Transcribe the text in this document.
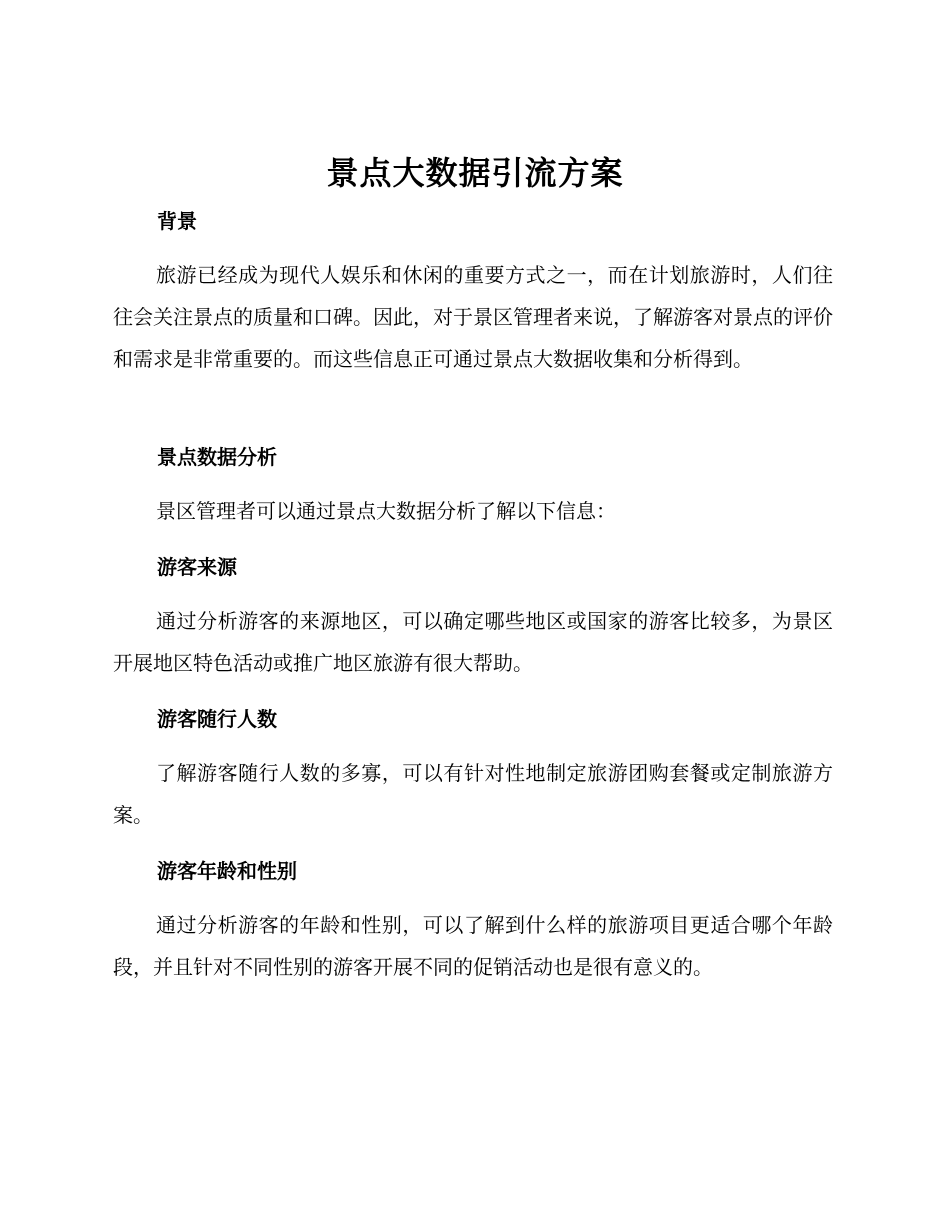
景点大数据引流方案
背景

旅游已经成为现代人娱乐和休闲的重要方式之一，而在计划旅游时，人们往往会关注景点的质量和口碑。因此，对于景区管理者来说，了解游客对景点的评价和需求是非常重要的。而这些信息正可通过景点大数据收集和分析得到。

景点数据分析

景区管理者可以通过景点大数据分析了解以下信息：

游客来源

通过分析游客的来源地区，可以确定哪些地区或国家的游客比较多，为景区开展地区特色活动或推广地区旅游有很大帮助。

游客随行人数

了解游客随行人数的多寡，可以有针对性地制定旅游团购套餐或定制旅游方案。

游客年龄和性别

通过分析游客的年龄和性别，可以了解到什么样的旅游项目更适合哪个年龄段，并且针对不同性别的游客开展不同的促销活动也是很有意义的。
